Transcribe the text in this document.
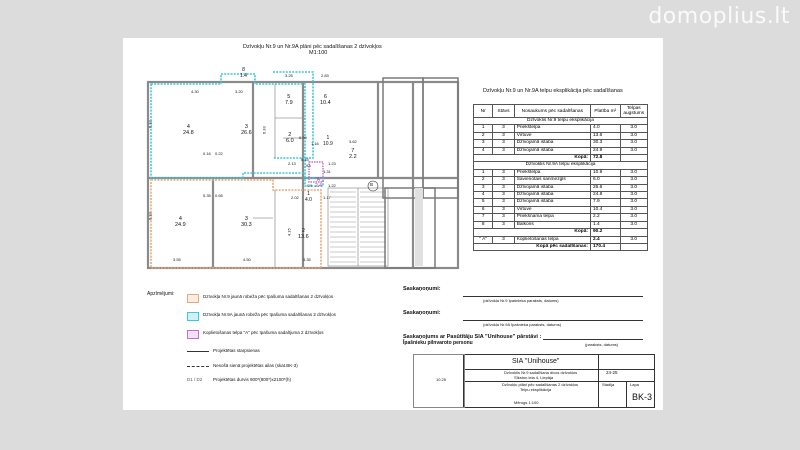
domoplius.lt
Dzīvokļu Nr.9 un Nr.9A plāni pēc sadalīšanas 2 dzīvokļos
M1:100
8
1.4
4
24.8
3
26.6
5
7.9
6
10.4
2
6.0
1
10.9
7
2.2
"A"
2.4
4
24.9
3
30.3
2
13.6
1
4.0
3.25	2.83
4.30	3.20
6.32
6.33
0.16 0.22
0.45
3.62
1.16
1.23
2.13
1.31
1.17
5.35 0.65	2.02
3.55
6.33
4.15
3.35
4.50
1.22
6.99
9A
C9	B
Dzīvokļu Nr.9 un Nr.9A telpu eksplikācija pēc sadalīšanas
Nr	Stāvs	Nosaukums pēc sadalīšanas	Platība m²	Telpas augstums
Dzīvoklis Nr.9 telpu eksplikācija				
1	3	Priekštelpa	4.0	3.0
2	3	Virtuve	13.6	3.0
3	3	Dzīvojamā istaba	30.3	3.0
4	3	Dzīvojamā istaba	24.9	3.0
Kopā:			72.8	
Dzīvoklis Nr.9A telpu eksplikācija				
1	3	Priekštelpa	10.9	3.0
2	3	Savienotais sanmezgls	6.0	3.0
3	3	Dzīvojamā istaba	26.6	3.0
4	3	Dzīvojamā istaba	24.8	3.0
5	3	Dzīvojamā istaba	7.9	3.0
6	3	Virtuve	10.4	3.0
7	3	Priekšnama telpa	2.2	3.0
8	3	Balkons	1.4	3.0
Kopā:			90.2	
" A"	3	Koplietošanas telpa	2.4	3.0
Kopā pēc sadalīšanas:			170.4	
Apzīmējumi:	Dzīvokļa Nr.9 jaunā robeža pēc īpašuma sadalīšanas 2 dzīvokļos
Dzīvokļa Nr.9A jaunā robeža pēc īpašuma sadalīšanas 2 dzīvokļos
Koplietošanas telpa "A" pēc īpašuma sadalījuma 2 dzīvokļos
Projektētas starpsienas
Nesošā sienā projektētas ailas (skat.BK-3)
D1 / D2 Projektētas durvis 900*(800*)x2100*(h)
Saskaņoņumi:
(dzīvokļa Nr.9 īpašnieka paraksts, datums)
Saskaņoņumi:
(dzīvokļa Nr.9A īpašnieka paraksts, datums)
Saskaņojums ar Pasūtītāju SIA "Unihouse" pārstāvi :
Īpašnieku pilnvaroto personu	(paraksts, datums)
SIA "Unihouse"
Dzīvoklis Nr.9 sadalīšana divos dzīvokļos
Sīkstoņ iela 4, Liepāja
Dzīvokļu plāni pēc sadalīšanas 2 dzīvokļos
Telpu eksplikācija
Mērogs 1:100
24-25
Stadija	Lapa
BK-3
10.25
